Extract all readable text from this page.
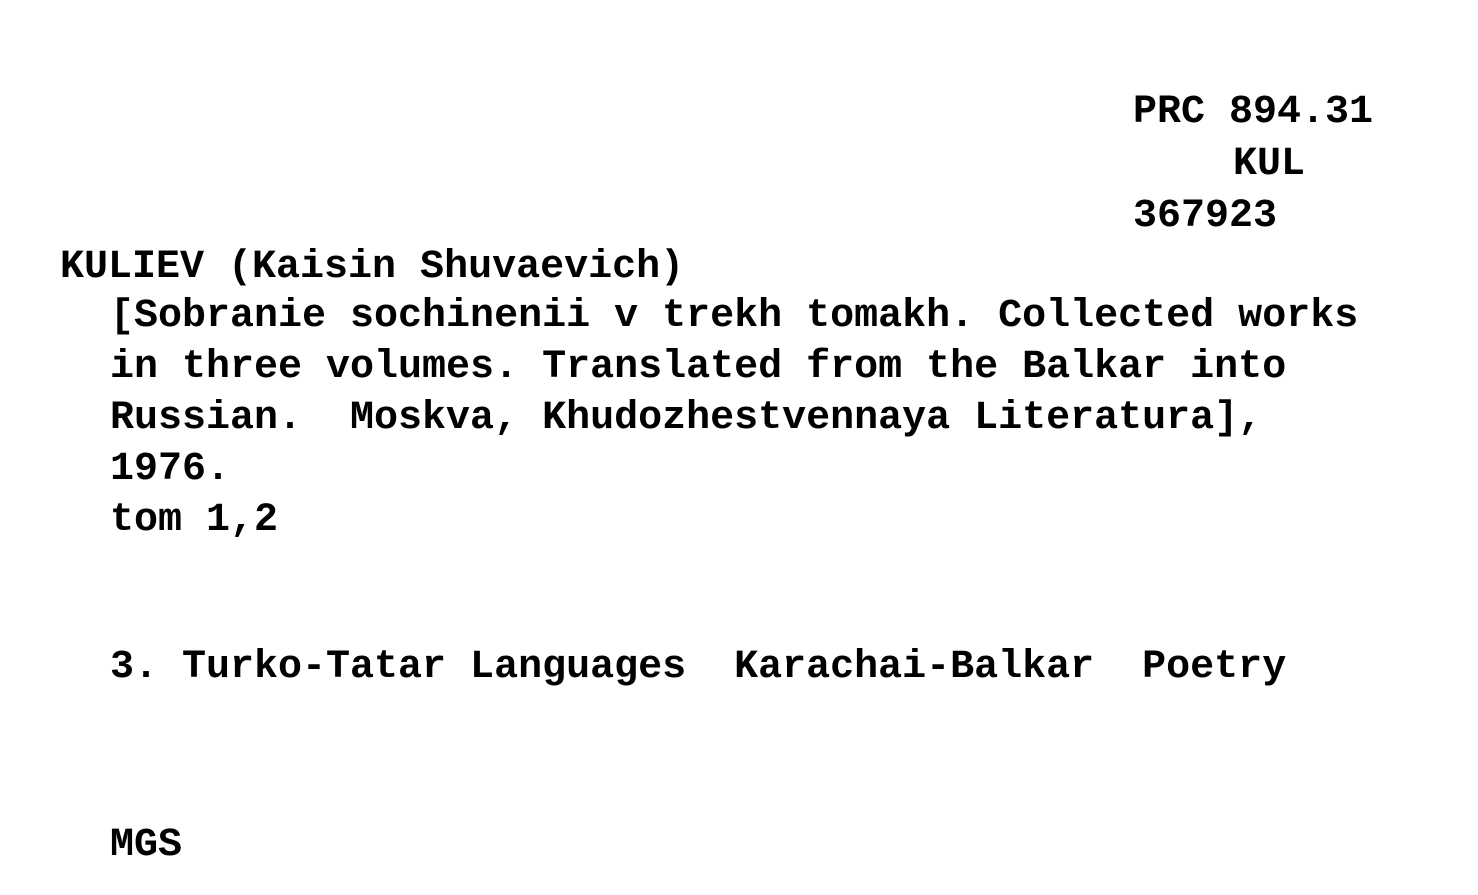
PRC 894.31
KUL
367923
KULIEV (Kaisin Shuvaevich)
[Sobranie sochinenii v trekh tomakh. Collected works
in three volumes. Translated from the Balkar into
Russian.  Moskva, Khudozhestvennaya Literatura],
1976.
tom 1,2
3. Turko-Tatar Languages  Karachai-Balkar  Poetry
MGS
